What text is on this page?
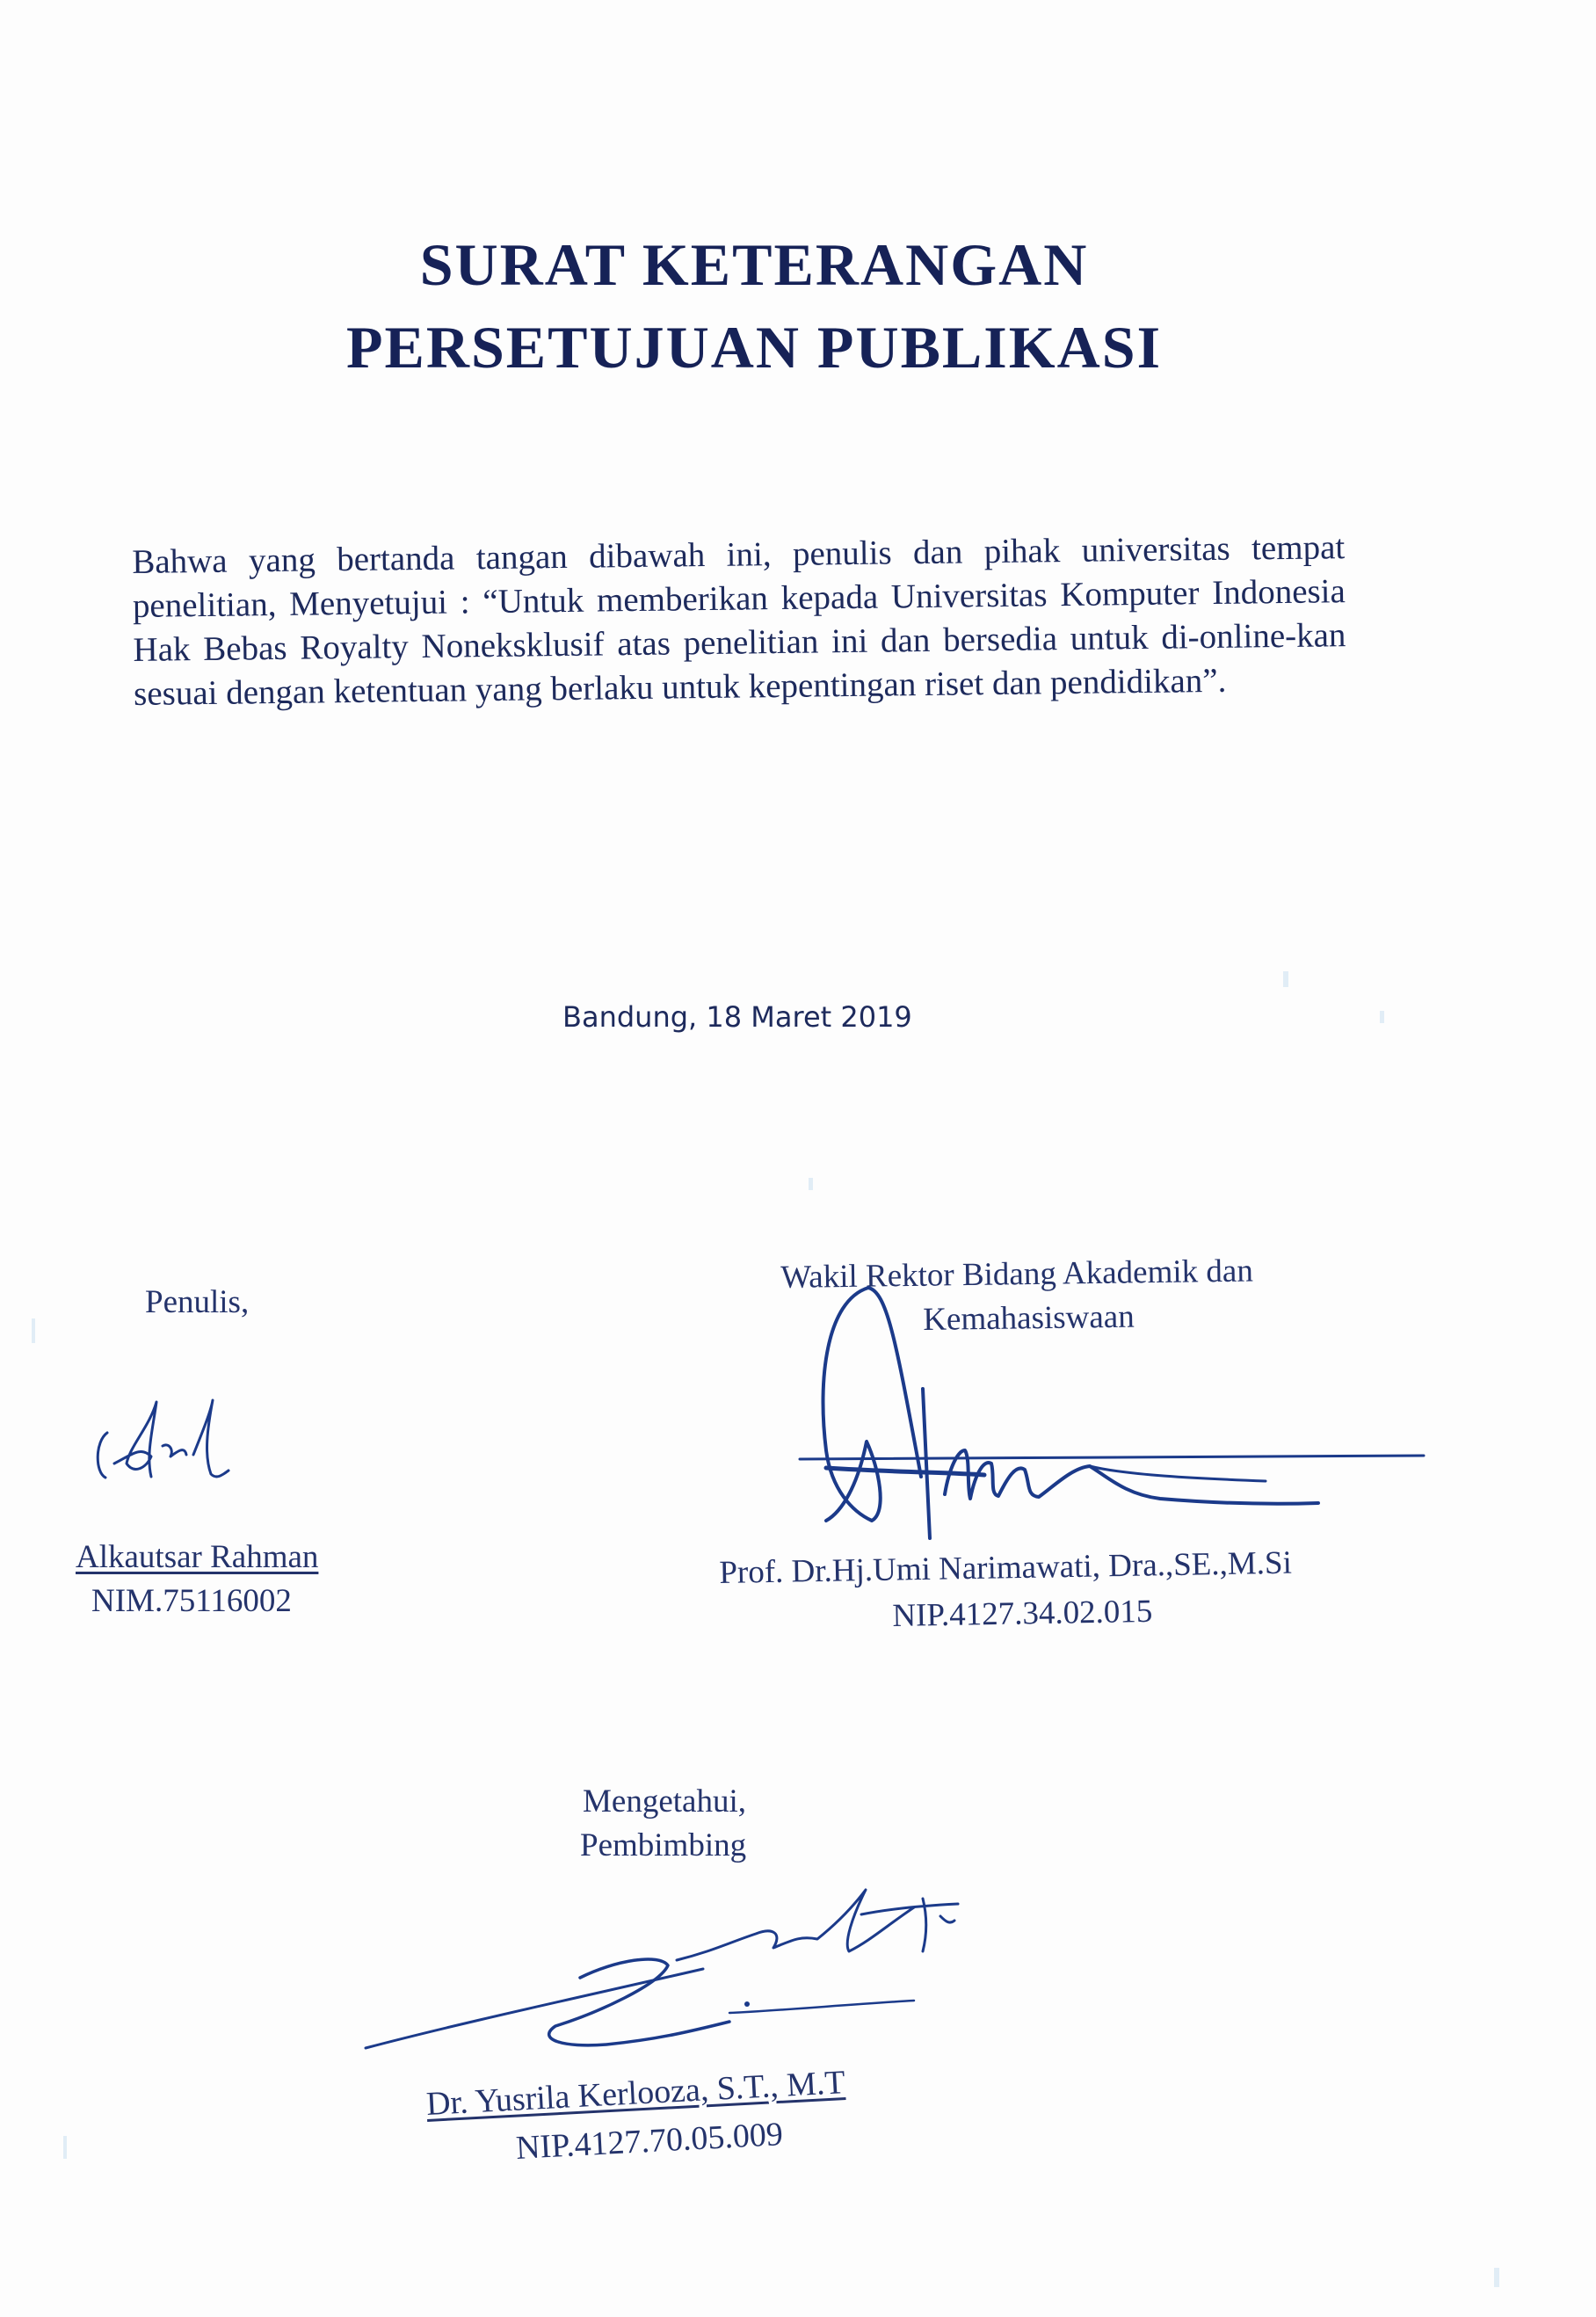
SURAT KETERANGAN
PERSETUJUAN PUBLIKASI

Bahwa yang bertanda tangan dibawah ini, penulis dan pihak universitas tempat penelitian, Menyetujui : “Untuk memberikan kepada Universitas Komputer Indonesia Hak Bebas Royalty Noneksklusif atas penelitian ini dan bersedia untuk di-online-kan sesuai dengan ketentuan yang berlaku untuk kepentingan riset dan pendidikan”.

Bandung, 18 Maret 2019
Penulis,
Alkautsar Rahman
NIM.75116002
Wakil Rektor Bidang Akademik dan
Kemahasiswaan
Prof. Dr.Hj.Umi Narimawati, Dra.,SE.,M.Si
NIP.4127.34.02.015
Mengetahui,
Pembimbing
Dr. Yusrila Kerlooza, S.T., M.T
NIP.4127.70.05.009
